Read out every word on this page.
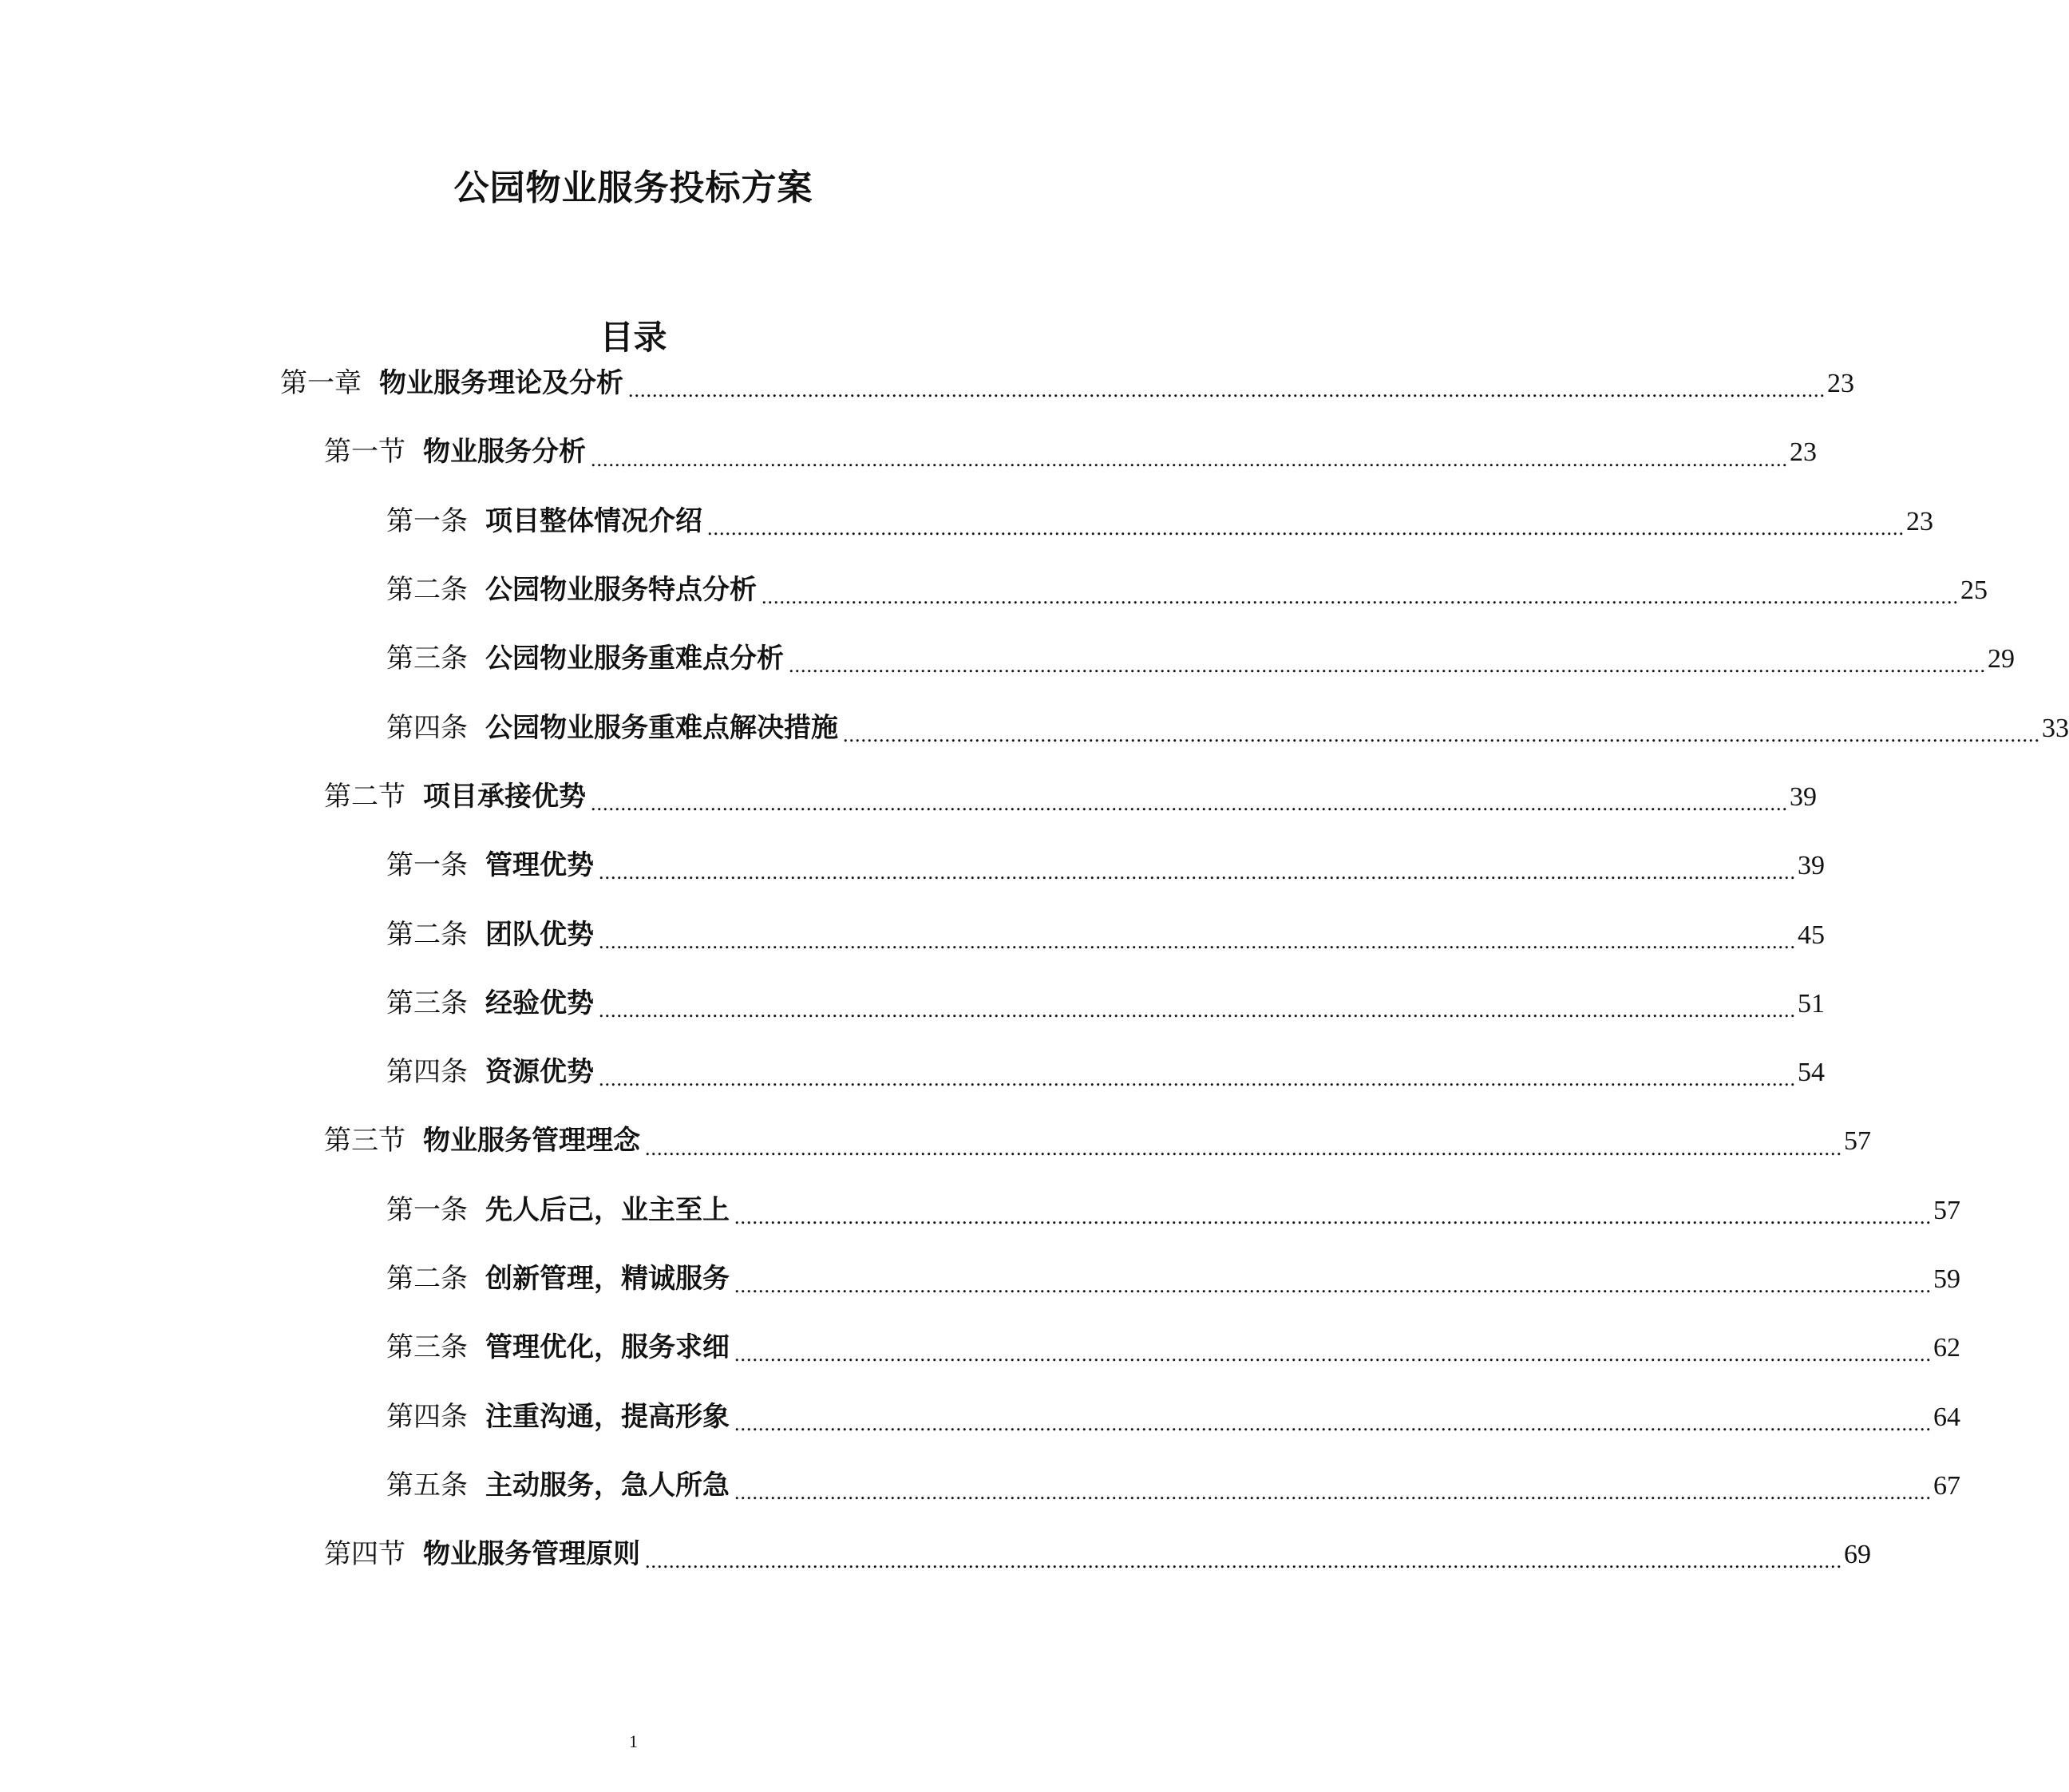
公园物业服务投标方案
目录
第一章 物业服务理论及分析 ........................................................................................................................................................................................................ 23
第一节 物业服务分析 ........................................................................................................................................................................................................ 23
第一条 项目整体情况介绍 ........................................................................................................................................................................................................ 23
第二条 公园物业服务特点分析 ........................................................................................................................................................................................................ 25
第三条 公园物业服务重难点分析 ........................................................................................................................................................................................................ 29
第四条 公园物业服务重难点解决措施 ........................................................................................................................................................................................................ 33
第二节 项目承接优势 ........................................................................................................................................................................................................ 39
第一条 管理优势 ........................................................................................................................................................................................................ 39
第二条 团队优势 ........................................................................................................................................................................................................ 45
第三条 经验优势 ........................................................................................................................................................................................................ 51
第四条 资源优势 ........................................................................................................................................................................................................ 54
第三节 物业服务管理理念 ........................................................................................................................................................................................................ 57
第一条 先人后己，业主至上 ........................................................................................................................................................................................................ 57
第二条 创新管理，精诚服务 ........................................................................................................................................................................................................ 59
第三条 管理优化，服务求细 ........................................................................................................................................................................................................ 62
第四条 注重沟通，提高形象 ........................................................................................................................................................................................................ 64
第五条 主动服务，急人所急 ........................................................................................................................................................................................................ 67
第四节 物业服务管理原则 ........................................................................................................................................................................................................ 69
1
